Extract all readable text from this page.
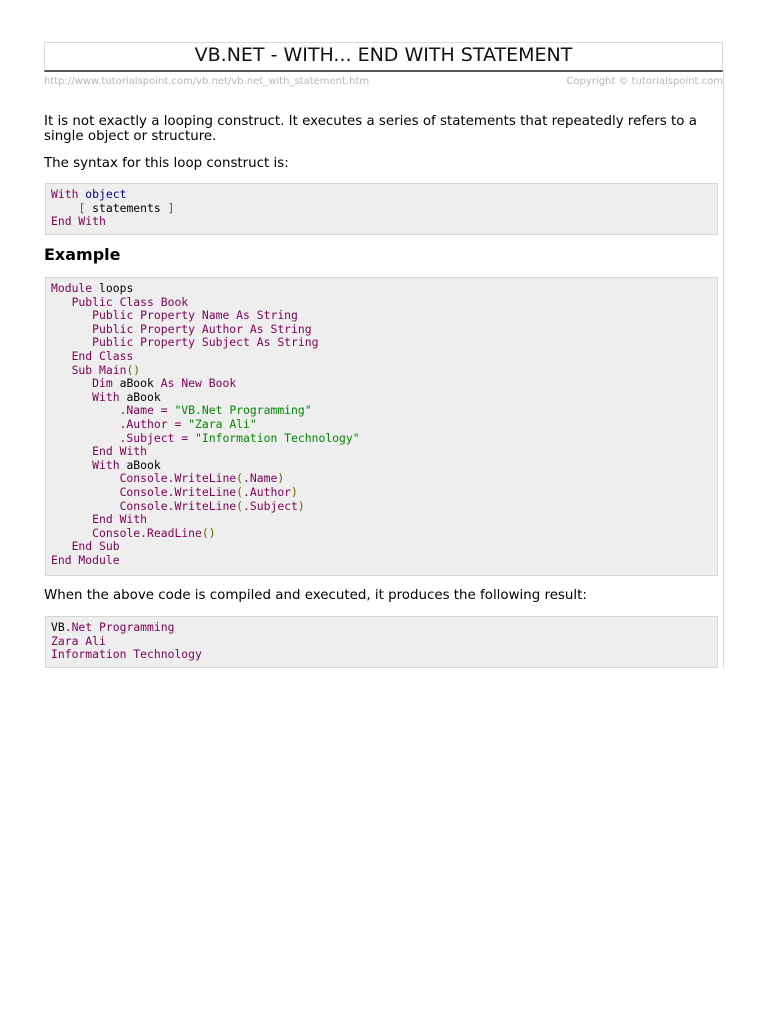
VB.NET - WITH... END WITH STATEMENT
http://www.tutorialspoint.com/vb.net/vb.net_with_statement.htm	Copyright © tutorialspoint.com

It is not exactly a looping construct. It executes a series of statements that repeatedly refers to a single object or structure.

The syntax for this loop construct is:

With object
[ statements ]
End With
Example
Module loops
Public Class Book
Public Property Name As String
Public Property Author As String
Public Property Subject As String
End Class
Sub Main()
Dim aBook As New Book
With aBook
.Name = "VB.Net Programming"
.Author = "Zara Ali"
.Subject = "Information Technology"
End With
With aBook
Console.WriteLine(.Name)
Console.WriteLine(.Author)
Console.WriteLine(.Subject)
End With
Console.ReadLine()
End Sub
End Module

When the above code is compiled and executed, it produces the following result:

VB.Net Programming
Zara Ali
Information Technology
